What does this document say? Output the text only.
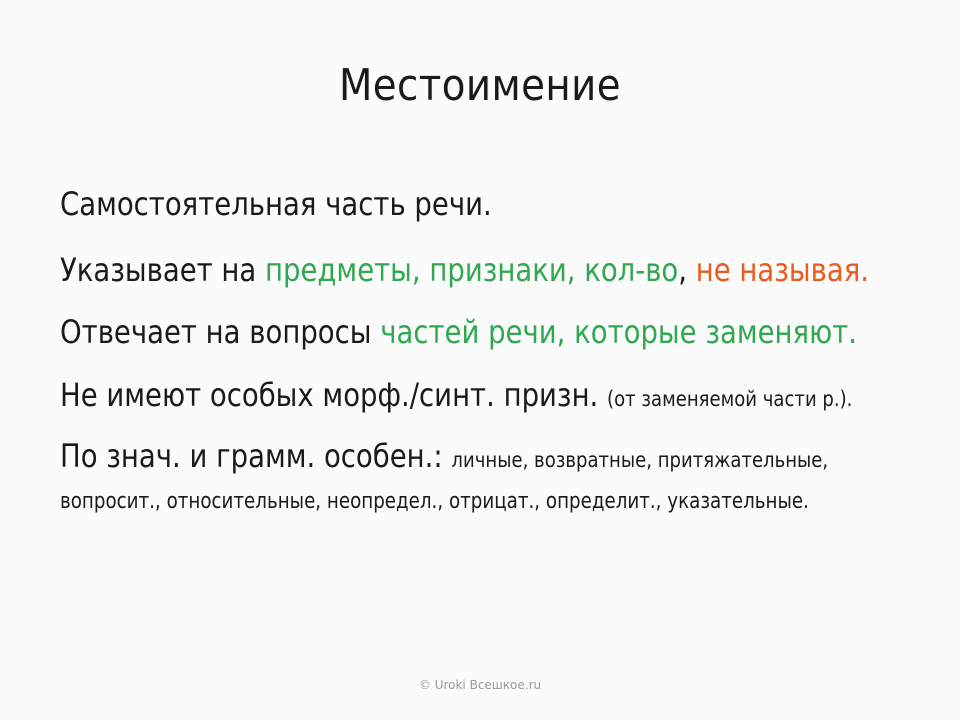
Местоимение
Самостоятельная часть речи.
Указывает на предметы, признаки, кол-во, не называя.
Отвечает на вопросы частей речи, которые заменяют.
Не имеют особых морф./синт. призн. (от заменяемой части р.).
По знач. и грамм. особен.: личные, возвратные, притяжательные,
вопросит., относительные, неопредел., отрицат., определит., указательные.
© Urokі Всешкое.ru
